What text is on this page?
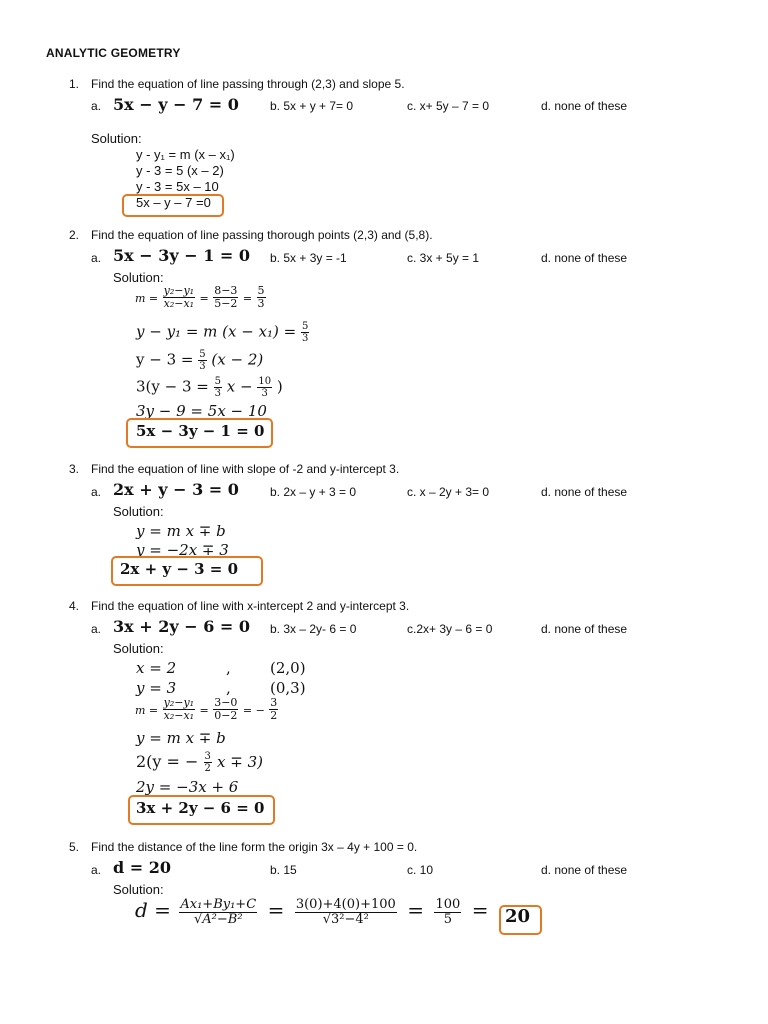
ANALYTIC GEOMETRY
1. Find the equation of line passing through (2,3) and slope 5.
a. 5x − y − 7 = 0	b. 5x + y + 7= 0	c. x+ 5y – 7 = 0	d. none of these
Solution:
y - y₁ = m (x – x₁)
y - 3 = 5 (x – 2)
y - 3 = 5x – 10
5x – y – 7 =0
2. Find the equation of line passing thorough points (2,3) and (5,8).
a. 5x − 3y − 1 = 0 b. 5x + 3y = -1	c. 3x + 5y = 1	d. none of these
Solution:
$m = \frac{\text{y₂−y₁}}{\text{x₂−x₁}} = \frac{8-3}{5-2} = \frac{5}{3}$
y − y₁ = m $(x - x_1) = \frac{5}{3}$
$y - 3 = \frac{5}{3} (x - 2)$
$3(y - 3 = \frac{5}{3}$ $x - \frac{10}{3}$ )
3y − 9 = 5x − 10
5x − 3y − 1 = 0
3. Find the equation of line with slope of -2 and y-intercept 3.
a. 2x + y − 3 = 0	b. 2x – y + 3 = 0	c. x – 2y + 3= 0	d. none of these
Solution:
y = m x ∓ b
y = −2x ∓ 3
2x + y − 3 = 0
4. Find the equation of line with x-intercept 2 and y-intercept 3.
a. 3x + 2y − 6 = 0 b. 3x – 2y- 6 = 0	c.2x+ 3y – 6 = 0	d. none of these
Solution:
x = 2	,	(2,0)
y = 3	,	(0,3)
$m = \frac{\text{y₂−y₁}}{\text{x₂−x₁}} = \frac{3-0}{0-2}$ = − $\frac{3}{2}$
y = m x ∓ b
2(y = − $\frac{3}{2}$ x ∓ 3)
2y = −3x + 6
3x + 2y − 6 = 0
5. Find the distance of the line form the origin 3x – 4y + 100 = 0.
a. d = 20	b. 15	c. 10	d. none of these
Solution:
$d = \frac{\text{Ax₁+By₁+C}}{\text{√A²−B²}} = \frac{3(0)+4(0)+100}{\text{√3²−4²}} = \frac{100}{5} = 20$
